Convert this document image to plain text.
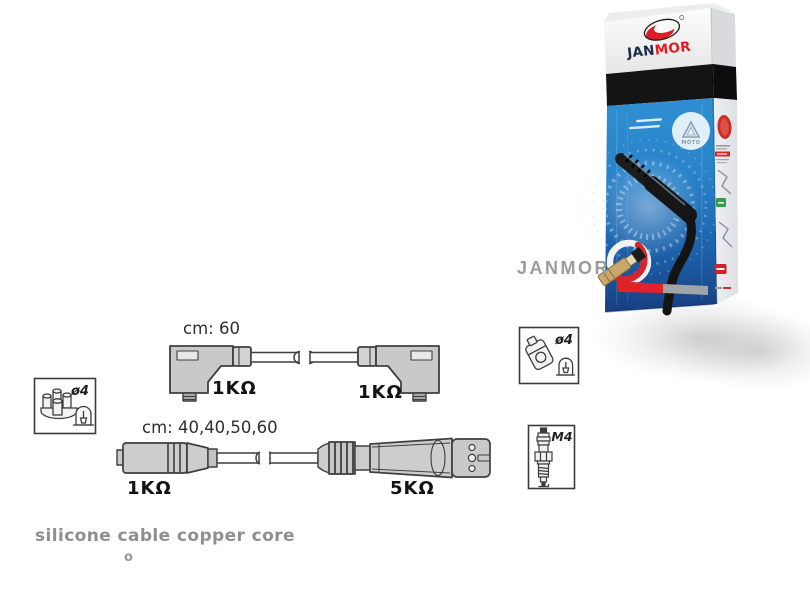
JANMOR
MOTO
JANMOR
cm: 60
1KΩ	1KΩ
cm: 40,40,50,60
1KΩ	5KΩ
ø4
ø4
M4
silicone cable copper core
o
